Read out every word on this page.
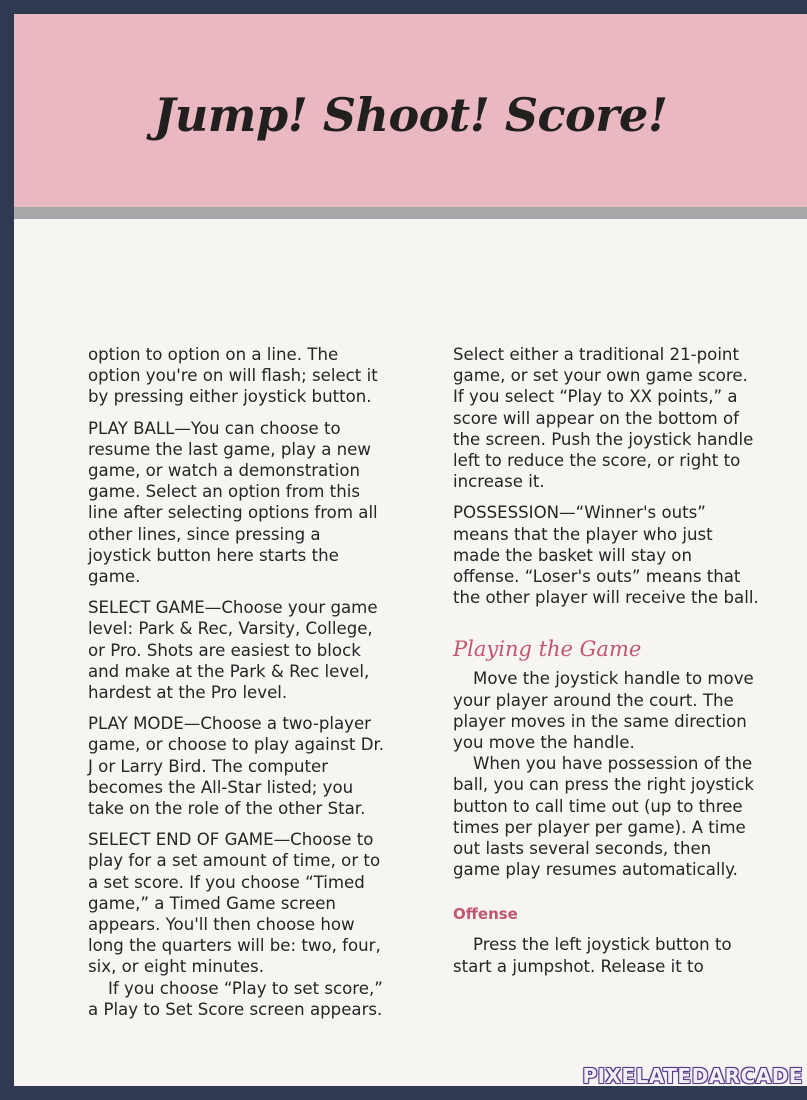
Jump! Shoot! Score!

option to option on a line. The option you're on will flash; select it by pressing either joystick button.

PLAY BALL—You can choose to resume the last game, play a new game, or watch a demonstration game. Select an option from this line after selecting options from all other lines, since pressing a joystick button here starts the game.

SELECT GAME—Choose your game level: Park & Rec, Varsity, College, or Pro. Shots are easiest to block and make at the Park & Rec level, hardest at the Pro level.

PLAY MODE—Choose a two-player game, or choose to play against Dr. J or Larry Bird. The computer becomes the All-Star listed; you take on the role of the other Star.

SELECT END OF GAME—Choose to play for a set amount of time, or to a set score. If you choose “Timed game,” a Timed Game screen appears. You'll then choose how long the quarters will be: two, four, six, or eight minutes.

If you choose “Play to set score,” a Play to Set Score screen appears.

Select either a traditional 21-point game, or set your own game score. If you select “Play to XX points,” a score will appear on the bottom of the screen. Push the joystick handle left to reduce the score, or right to increase it.

POSSESSION—“Winner's outs” means that the player who just made the basket will stay on offense. “Loser's outs” means that the other player will receive the ball.

Playing the Game

Move the joystick handle to move your player around the court. The player moves in the same direction you move the handle.

When you have possession of the ball, you can press the right joystick button to call time out (up to three times per player per game). A time out lasts several seconds, then game play resumes automatically.

Offense

Press the left joystick button to start a jumpshot. Release it to

PIXELATEDARCADE
